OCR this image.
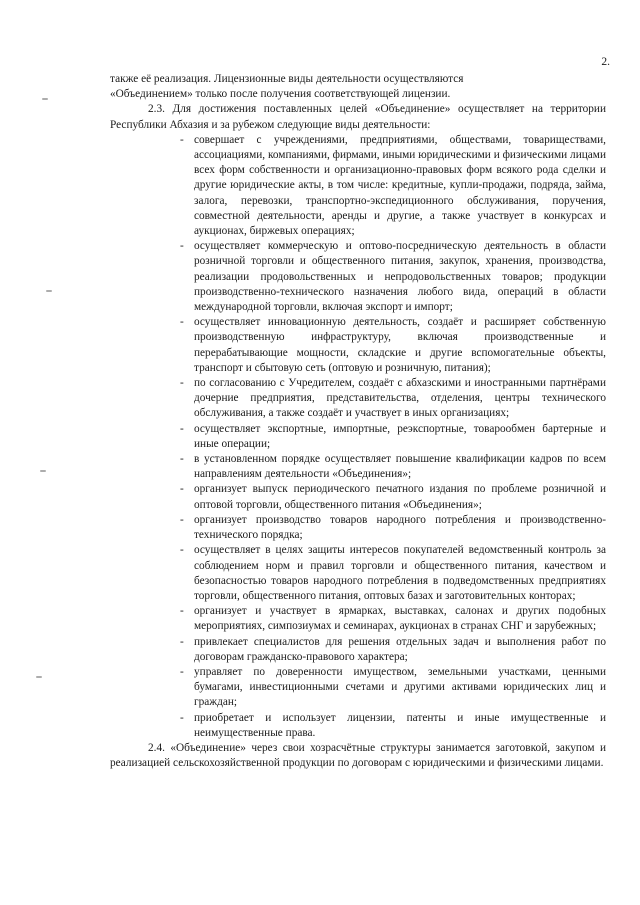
2.

также её реализация. Лицензионные виды деятельности осуществляются

«Объединением» только после получения соответствующей лицензии.

2.3. Для достижения поставленных целей «Объединение» осуществляет на территории Республики Абхазия и за рубежом следующие виды деятельности:

- совершает с учреждениями, предприятиями, обществами, товариществами, ассоциациями, компаниями, фирмами, иными юридическими и физическими лицами всех форм собственности и организационно-правовых форм всякого рода сделки и другие юридические акты, в том числе: кредитные, купли-продажи, подряда, займа, залога, перевозки, транспортно-экспедиционного обслуживания, поручения, совместной деятельности, аренды и другие, а также участвует в конкурсах и аукционах, биржевых операциях;
- осуществляет коммерческую и оптово-посредническую деятельность в области розничной торговли и общественного питания, закупок, хранения, производства, реализации продовольственных и непродовольственных товаров; продукции производственно-технического назначения любого вида, операций в области международной торговли, включая экспорт и импорт;
- осуществляет инновационную деятельность, создаёт и расширяет собственную производственную инфраструктуру, включая производственные и перерабатывающие мощности, складские и другие вспомогательные объекты, транспорт и сбытовую сеть (оптовую и розничную, питания);
- по согласованию с Учредителем, создаёт с абхазскими и иностранными партнёрами дочерние предприятия, представительства, отделения, центры технического обслуживания, а также создаёт и участвует в иных организациях;
- осуществляет экспортные, импортные, реэкспортные, товарообмен бартерные и иные операции;
- в установленном порядке осуществляет повышение квалификации кадров по всем направлениям деятельности «Объединения»;
- организует выпуск периодического печатного издания по проблеме розничной и оптовой торговли, общественного питания «Объединения»;
- организует производство товаров народного потребления и производственно-технического порядка;
- осуществляет в целях защиты интересов покупателей ведомственный контроль за соблюдением норм и правил торговли и общественного питания, качеством и безопасностью товаров народного потребления в подведомственных предприятиях торговли, общественного питания, оптовых базах и заготовительных конторах;
- организует и участвует в ярмарках, выставках, салонах и других подобных мероприятиях, симпозиумах и семинарах, аукционах в странах СНГ и зарубежных;
- привлекает специалистов для решения отдельных задач и выполнения работ по договорам гражданско-правового характера;
- управляет по доверенности имуществом, земельными участками, ценными бумагами, инвестиционными счетами и другими активами юридических лиц и граждан;
- приобретает и использует лицензии, патенты и иные имущественные и неимущественные права.

2.4. «Объединение» через свои хозрасчётные структуры занимается заготовкой, закупом и реализацией сельскохозяйственной продукции по договорам с юридическими и физическими лицами.
